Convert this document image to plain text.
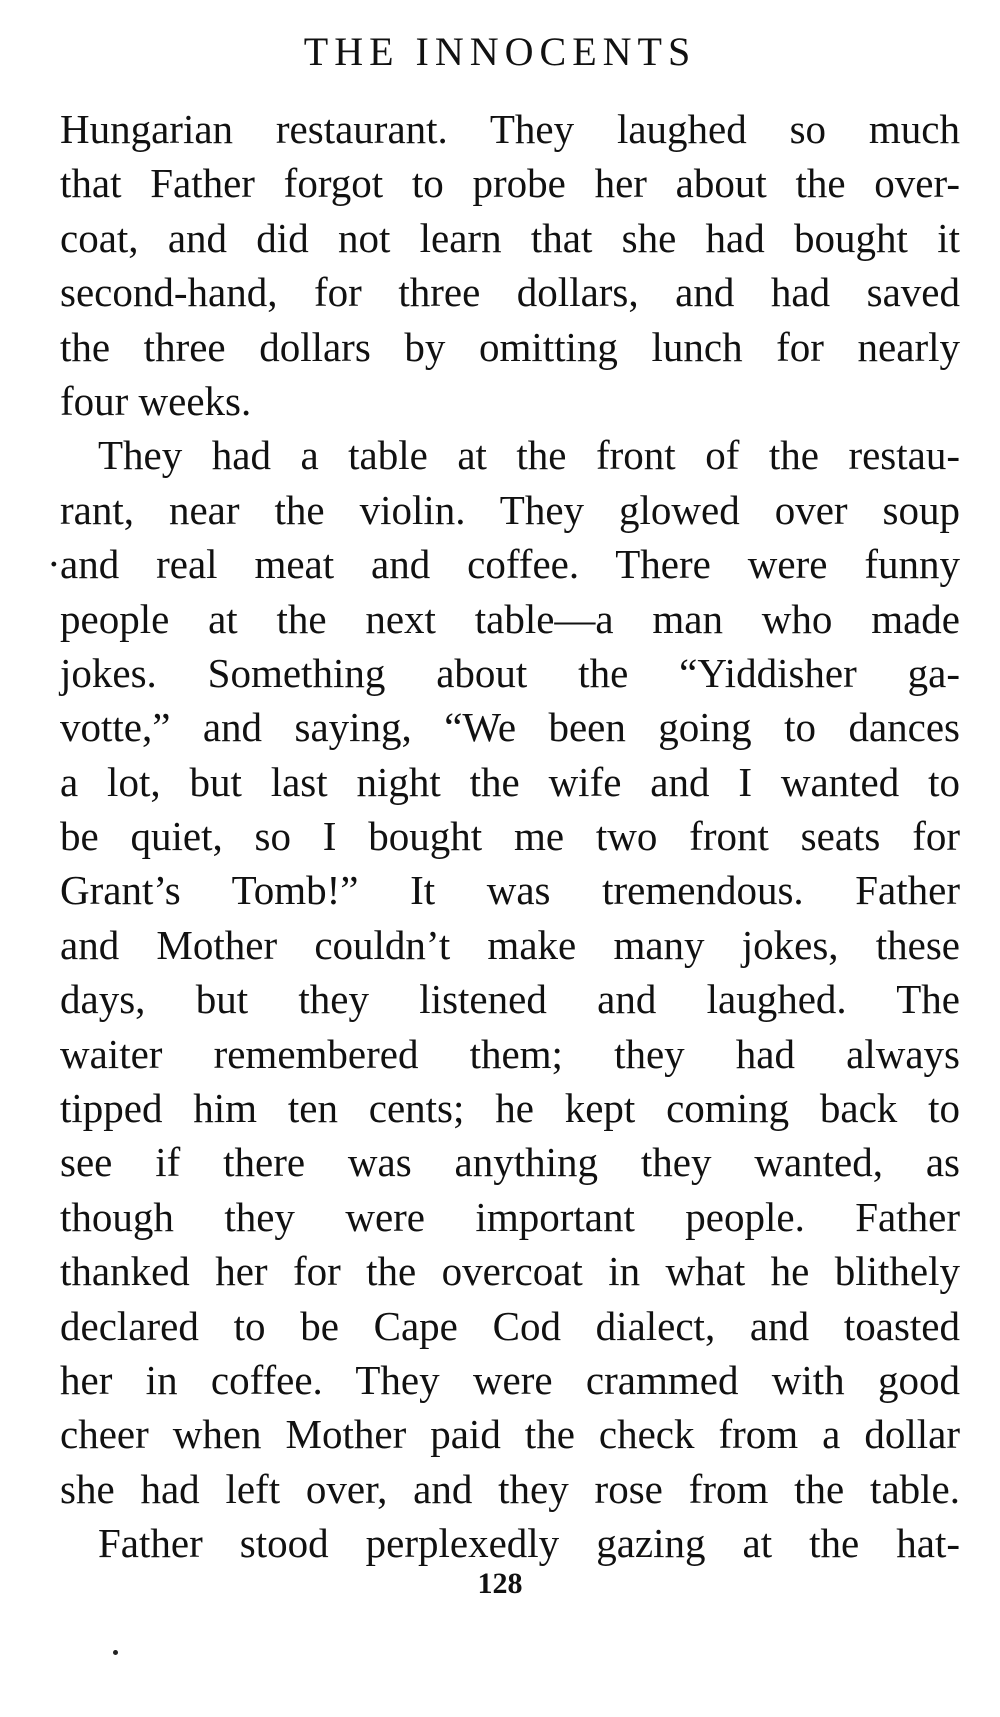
THE INNOCENTS
Hungarian restaurant. They laughed so much
that Father forgot to probe her about the over-
coat, and did not learn that she had bought it
second-hand, for three dollars, and had saved
the three dollars by omitting lunch for nearly
four weeks.
They had a table at the front of the restau-
rant, near the violin. They glowed over soup
and real meat and coffee. There were funny
people at the next table—a man who made
jokes. Something about the “Yiddisher ga-
votte,” and saying, “We been going to dances
a lot, but last night the wife and I wanted to
be quiet, so I bought me two front seats for
Grant’s Tomb!” It was tremendous. Father
and Mother couldn’t make many jokes, these
days, but they listened and laughed. The
waiter remembered them; they had always
tipped him ten cents; he kept coming back to
see if there was anything they wanted, as
though they were important people. Father
thanked her for the overcoat in what he blithely
declared to be Cape Cod dialect, and toasted
her in coffee. They were crammed with good
cheer when Mother paid the check from a dollar
she had left over, and they rose from the table.
Father stood perplexedly gazing at the hat-
·
128
